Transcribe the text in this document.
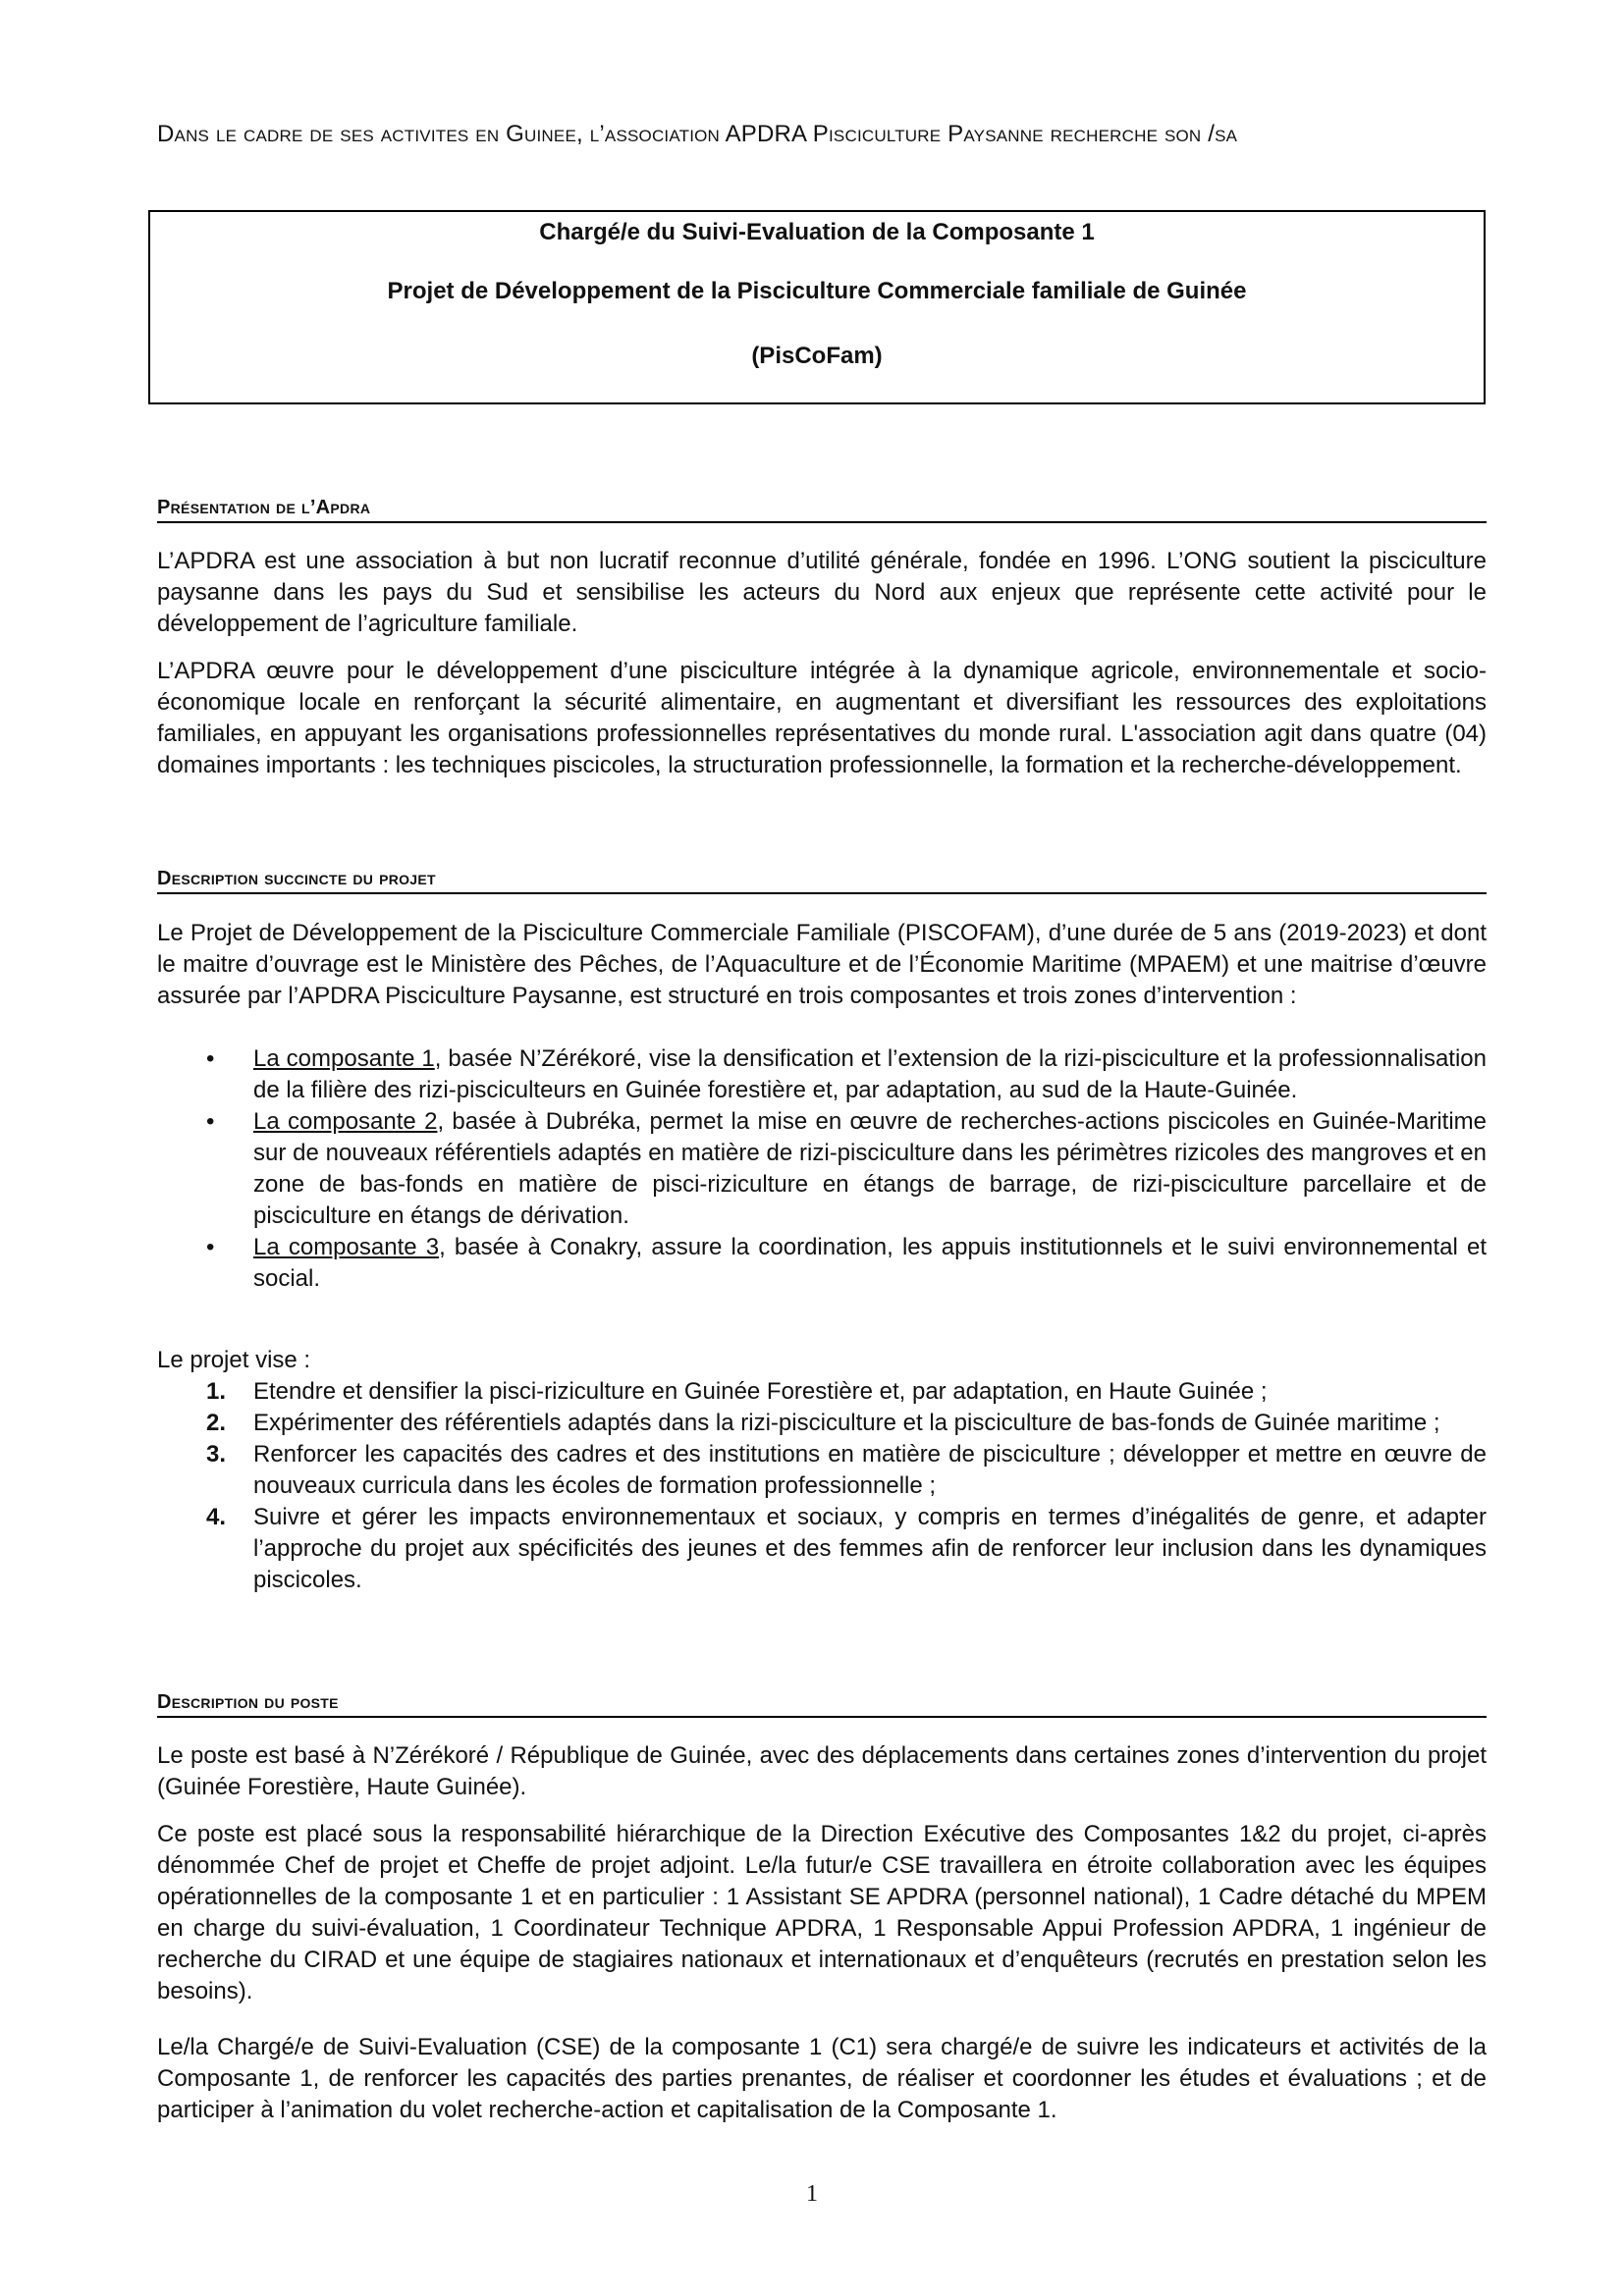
Dans le cadre de ses activites en Guinee, l’association APDRA Pisciculture Paysanne recherche son /sa
Chargé/e du Suivi-Evaluation de la Composante 1
Projet de Développement de la Pisciculture Commerciale familiale de Guinée
(PisCoFam)
Présentation de l’Apdra
L’APDRA est une association à but non lucratif reconnue d’utilité générale, fondée en 1996. L’ONG soutient la pisciculture paysanne dans les pays du Sud et sensibilise les acteurs du Nord aux enjeux que représente cette activité pour le développement de l’agriculture familiale.
L’APDRA œuvre pour le développement d’une pisciculture intégrée à la dynamique agricole, environnementale et socio-économique locale en renforçant la sécurité alimentaire, en augmentant et diversifiant les ressources des exploitations familiales, en appuyant les organisations professionnelles représentatives du monde rural. L'association agit dans quatre (04) domaines importants : les techniques piscicoles, la structuration professionnelle, la formation et la recherche-développement.
Description succincte du projet
Le Projet de Développement de la Pisciculture Commerciale Familiale (PISCOFAM), d’une durée de 5 ans (2019-2023) et dont le maitre d’ouvrage est le Ministère des Pêches, de l’Aquaculture et de l’Économie Maritime (MPAEM) et une maitrise d’œuvre assurée par l’APDRA Pisciculture Paysanne, est structuré en trois composantes et trois zones d’intervention :
• La composante 1, basée N’Zérékoré, vise la densification et l’extension de la rizi-pisciculture et la professionnalisation de la filière des rizi-pisciculteurs en Guinée forestière et, par adaptation, au sud de la Haute-Guinée.
• La composante 2, basée à Dubréka, permet la mise en œuvre de recherches-actions piscicoles en Guinée-Maritime sur de nouveaux référentiels adaptés en matière de rizi-pisciculture dans les périmètres rizicoles des mangroves et en zone de bas-fonds en matière de pisci-riziculture en étangs de barrage, de rizi-pisciculture parcellaire et de pisciculture en étangs de dérivation.
• La composante 3, basée à Conakry, assure la coordination, les appuis institutionnels et le suivi environnemental et social.
Le projet vise :
1. Etendre et densifier la pisci-riziculture en Guinée Forestière et, par adaptation, en Haute Guinée ;
2. Expérimenter des référentiels adaptés dans la rizi-pisciculture et la pisciculture de bas-fonds de Guinée maritime ;
3. Renforcer les capacités des cadres et des institutions en matière de pisciculture ; développer et mettre en œuvre de nouveaux curricula dans les écoles de formation professionnelle ;
4. Suivre et gérer les impacts environnementaux et sociaux, y compris en termes d’inégalités de genre, et adapter l’approche du projet aux spécificités des jeunes et des femmes afin de renforcer leur inclusion dans les dynamiques piscicoles.
Description du poste
Le poste est basé à N’Zérékoré / République de Guinée, avec des déplacements dans certaines zones d’intervention du projet (Guinée Forestière, Haute Guinée).
Ce poste est placé sous la responsabilité hiérarchique de la Direction Exécutive des Composantes 1&2 du projet, ci-après dénommée Chef de projet et Cheffe de projet adjoint. Le/la futur/e CSE travaillera en étroite collaboration avec les équipes opérationnelles de la composante 1 et en particulier : 1 Assistant SE APDRA (personnel national), 1 Cadre détaché du MPEM en charge du suivi-évaluation, 1 Coordinateur Technique APDRA, 1 Responsable Appui Profession APDRA, 1 ingénieur de recherche du CIRAD et une équipe de stagiaires nationaux et internationaux et d’enquêteurs (recrutés en prestation selon les besoins).
Le/la Chargé/e de Suivi-Evaluation (CSE) de la composante 1 (C1) sera chargé/e de suivre les indicateurs et activités de la Composante 1, de renforcer les capacités des parties prenantes, de réaliser et coordonner les études et évaluations ; et de participer à l’animation du volet recherche-action et capitalisation de la Composante 1.
1
